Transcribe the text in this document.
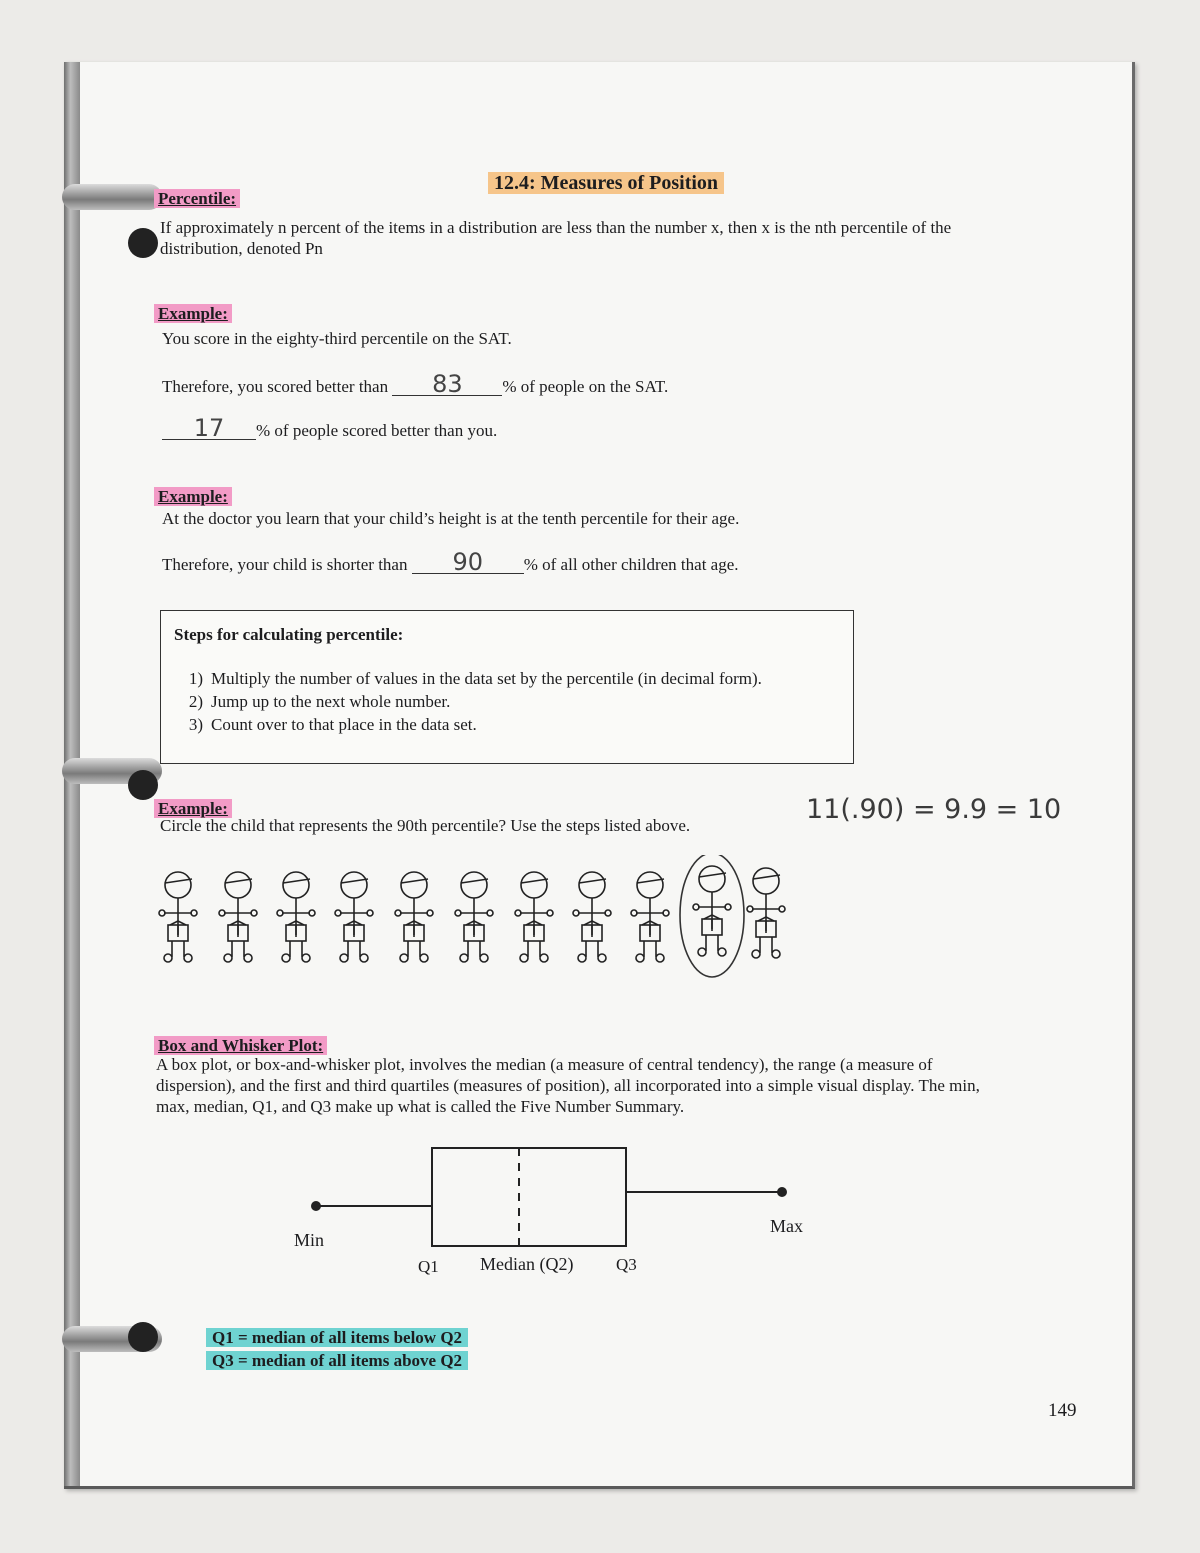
12.4: Measures of Position
Percentile:
If approximately n percent of the items in a distribution are less than the number x, then x is the nth percentile of the
distribution, denoted Pn
Example:
You score in the eighty-third percentile on the SAT.
Therefore, you scored better than 83 % of people on the SAT.
17 % of people scored better than you.
Example:
At the doctor you learn that your child’s height is at the tenth percentile for their age.
Therefore, your child is shorter than 90 % of all other children that age.
Steps for calculating percentile:
1) Multiply the number of values in the data set by the percentile (in decimal form).
2) Jump up to the next whole number.
3) Count over to that place in the data set.
Example:
Circle the child that represents the 90th percentile? Use the steps listed above.
11(.90) = 9.9 = 10
Box and Whisker Plot:
A box plot, or box-and-whisker plot, involves the median (a measure of central tendency), the range (a measure of
dispersion), and the first and third quartiles (measures of position), all incorporated into a simple visual display. The min,
max, median, Q1, and Q3 make up what is called the Five Number Summary.
Min
Q1 Median (Q2)	Q3
Max
Q1 = median of all items below Q2
Q3 = median of all items above Q2
149
